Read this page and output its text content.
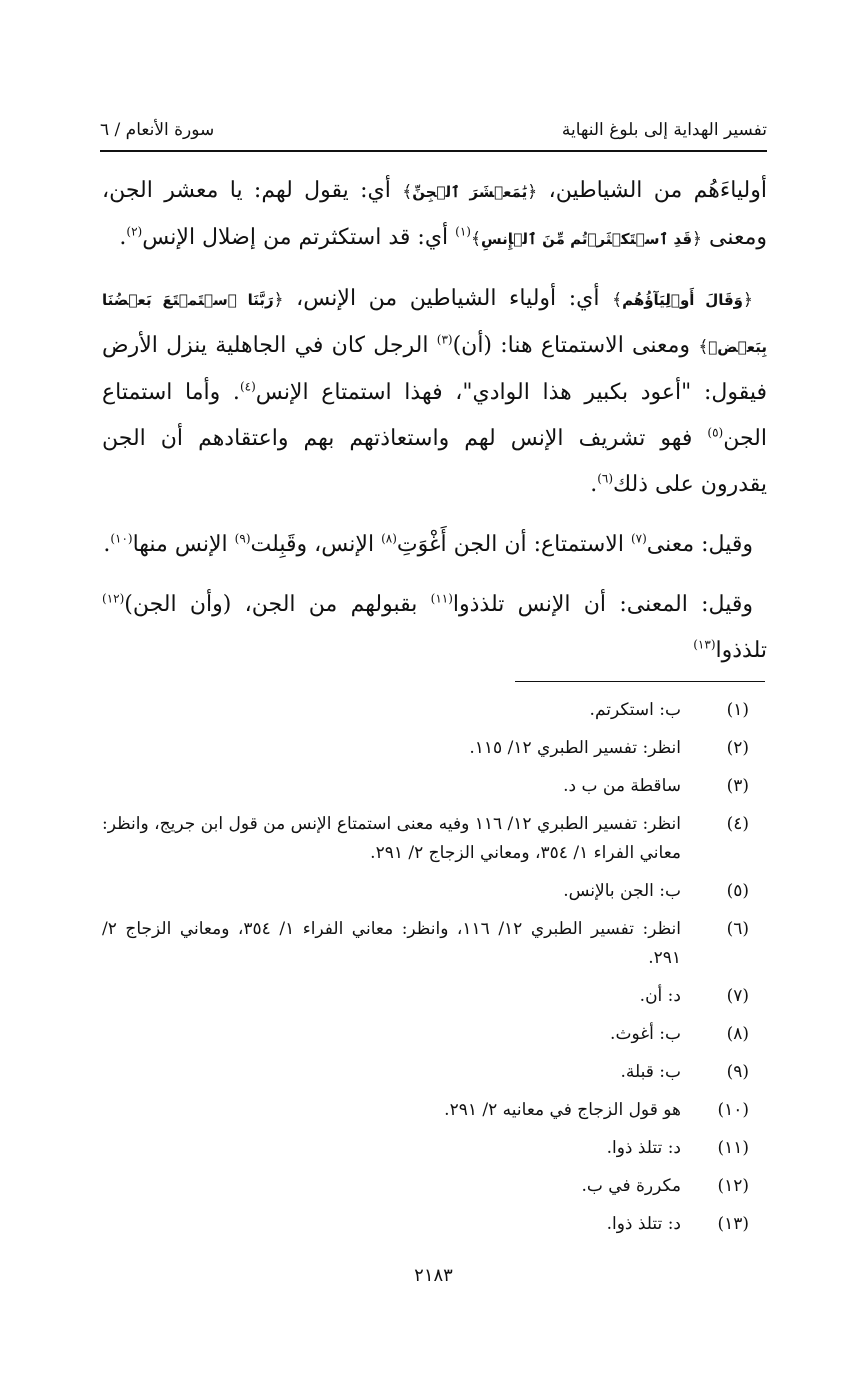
تفسير الهداية إلى بلوغ النهاية
سورة الأنعام / ٦

أولياءَهُم من الشياطين، ﴿يَٰمَعۡشَرَ ٱلۡجِنِّ﴾ أي: يقول لهم: يا معشر الجن، ومعنى ﴿قَدِ ٱسۡتَكۡثَرۡتُم مِّنَ ٱلۡإِنسِ﴾$^{(١)}$ أي: قد استكثرتم من إضلال الإنس$^{(٢)}$.

﴿وَقَالَ أَوۡلِيَآؤُهُم﴾ أي: أولياء الشياطين من الإنس، ﴿رَبَّنَا ٱسۡتَمۡتَعَ بَعۡضُنَا بِبَعۡضٖ﴾ ومعنى الاستمتاع هنا: (أن)$^{(٣)}$ الرجل كان في الجاهلية ينزل الأرض فيقول: "أعود بكبير هذا الوادي"، فهذا استمتاع الإنس$^{(٤)}$. وأما استمتاع الجن$^{(٥)}$ فهو تشريف الإنس لهم واستعاذتهم بهم واعتقادهم أن الجن يقدرون على ذلك$^{(٦)}$.

وقيل: معنى$^{(٧)}$ الاستمتاع: أن الجن أَغْوَتِ$^{(٨)}$ الإنس، وقَبِلت$^{(٩)}$ الإنس منها$^{(١٠)}$.

وقيل: المعنى: أن الإنس تلذذوا$^{(١١)}$ بقبولهم من الجن، (وأن الجن)$^{(١٢)}$ تلذذوا$^{(١٣)}$

(١)
ب: استكرتم.
(٢)
انظر: تفسير الطبري ١٢/ ١١٥.
(٣)
ساقطة من ب د.
(٤)
انظر: تفسير الطبري ١٢/ ١١٦ وفيه معنى استمتاع الإنس من قول ابن جريج، وانظر: معاني الفراء ١/ ٣٥٤، ومعاني الزجاج ٢/ ٢٩١.
(٥)
ب: الجن بالإنس.
(٦)
انظر: تفسير الطبري ١٢/ ١١٦، وانظر: معاني الفراء ١/ ٣٥٤، ومعاني الزجاج ٢/ ٢٩١.
(٧)
د: أن.
(٨)
ب: أغوث.
(٩)
ب: قبلة.
(١٠)
هو قول الزجاج في معانيه ٢/ ٢٩١.
(١١)
د: تتلذ ذوا.
(١٢)
مكررة في ب.
(١٣)
د: تتلذ ذوا.
٢١٨٣
